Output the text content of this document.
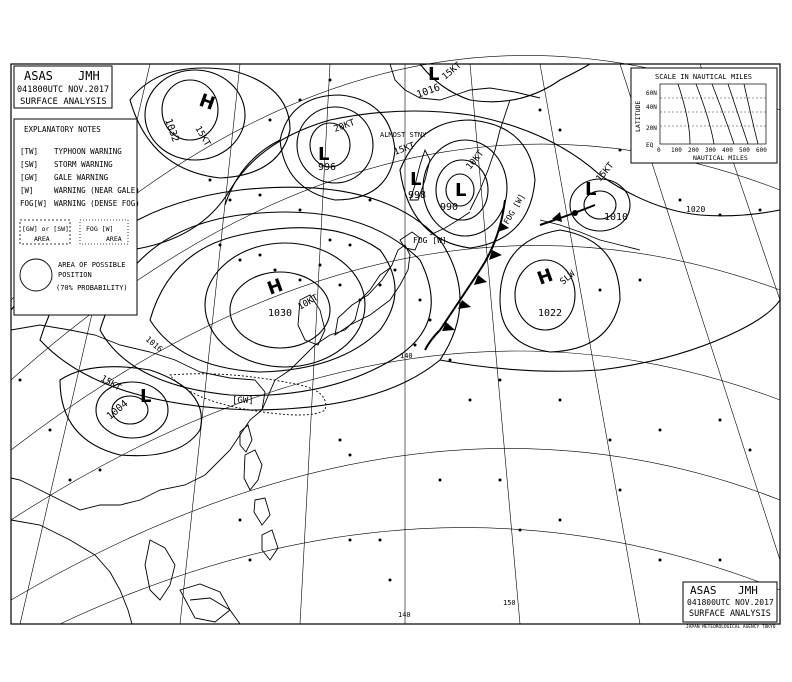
H
1030
10KT
H
1022
SLW
H
1032 15KT
L
998
20KT
L
996
15KT
L
990
10KT
L
1010
15KT
L
1004
15KT
L
1016
15KT
ALMOST STNY
FOG [W]
FOG [W]
[GW]
1020
1016
140
150
140
ASAS JMH
041800UTC NOV.2017
SURFACE ANALYSIS
EXPLANATORY NOTES
[TW] TYPHOON WARNING
[SW] STORM WARNING
[GW] GALE WARNING
[W]	WARNING (NEAR GALE)
FOG[W] WARNING (DENSE FOG)
[GW] or [SW]
AREA
FOG [W]
AREA
AREA OF POSSIBLE
POSITION
(70% PROBABILITY)
SCALE IN NAUTICAL MILES
LATITUDE
60N
40N
20N
EQ
0 100 200 300 400 500 600
NAUTICAL MILES
ASAS JMH
041800UTC NOV.2017
SURFACE ANALYSIS
JAPAN METEOROLOGICAL AGENCY TOKYO
